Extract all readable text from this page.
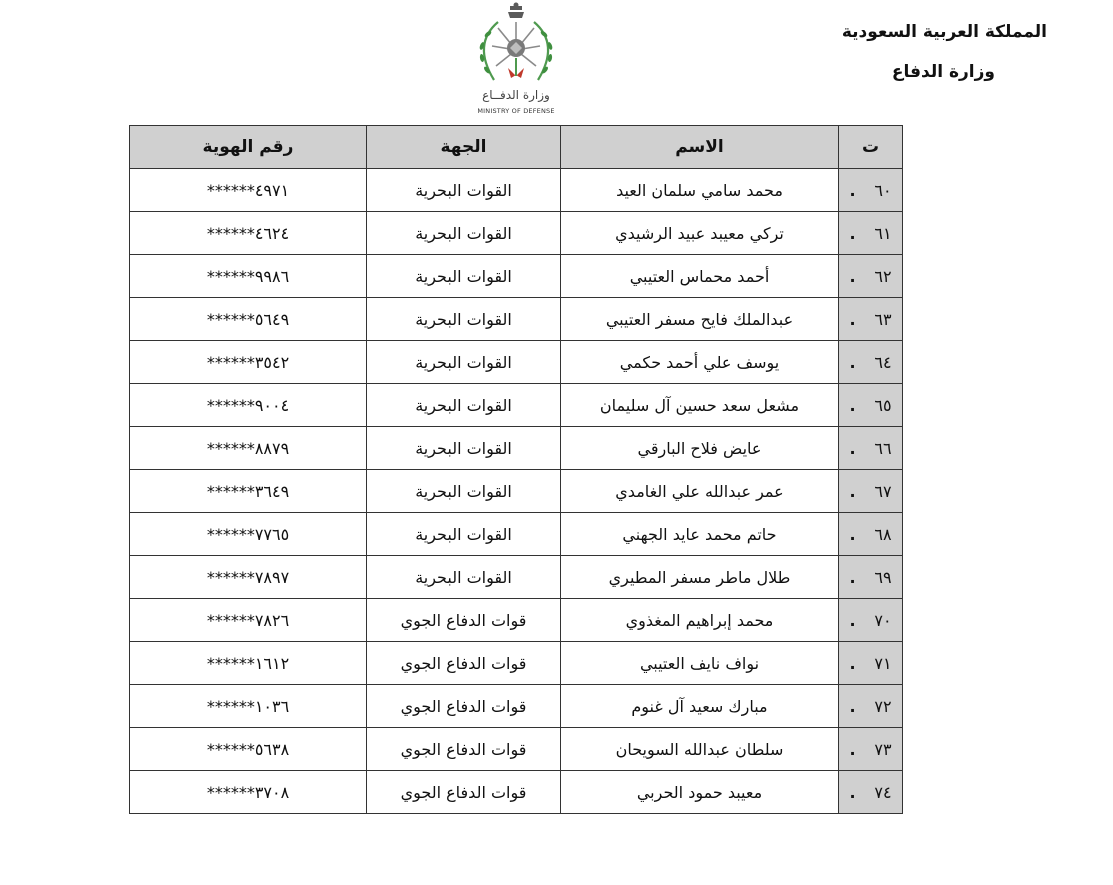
المملكة العربية السعودية
وزارة الدفاع
وزارة الدفــاع
MINISTRY OF DEFENSE
ت	الاسم	الجهة	رقم الهوية
٦٠.	محمد سامي سلمان العيد	القوات البحرية	******٤٩٧١
٦١.	تركي معيبد عبيد الرشيدي	القوات البحرية	******٤٦٢٤
٦٢.	أحمد محماس العتيبي	القوات البحرية	******٩٩٨٦
٦٣.	عبدالملك فايح مسفر العتيبي	القوات البحرية	******٥٦٤٩
٦٤.	يوسف علي أحمد حكمي	القوات البحرية	******٣٥٤٢
٦٥.	مشعل سعد حسين آل سليمان	القوات البحرية	******٩٠٠٤
٦٦.	عايض فلاح البارقي	القوات البحرية	******٨٨٧٩
٦٧.	عمر عبدالله علي الغامدي	القوات البحرية	******٣٦٤٩
٦٨.	حاتم محمد عايد الجهني	القوات البحرية	******٧٧٦٥
٦٩.	طلال ماطر مسفر المطيري	القوات البحرية	******٧٨٩٧
٧٠.	محمد إبراهيم المغذوي	قوات الدفاع الجوي	******٧٨٢٦
٧١.	نواف نايف العتيبي	قوات الدفاع الجوي	******١٦١٢
٧٢.	مبارك سعيد آل غنوم	قوات الدفاع الجوي	******١٠٣٦
٧٣.	سلطان عبدالله السويحان	قوات الدفاع الجوي	******٥٦٣٨
٧٤.	معيبد حمود الحربي	قوات الدفاع الجوي	******٣٧٠٨
